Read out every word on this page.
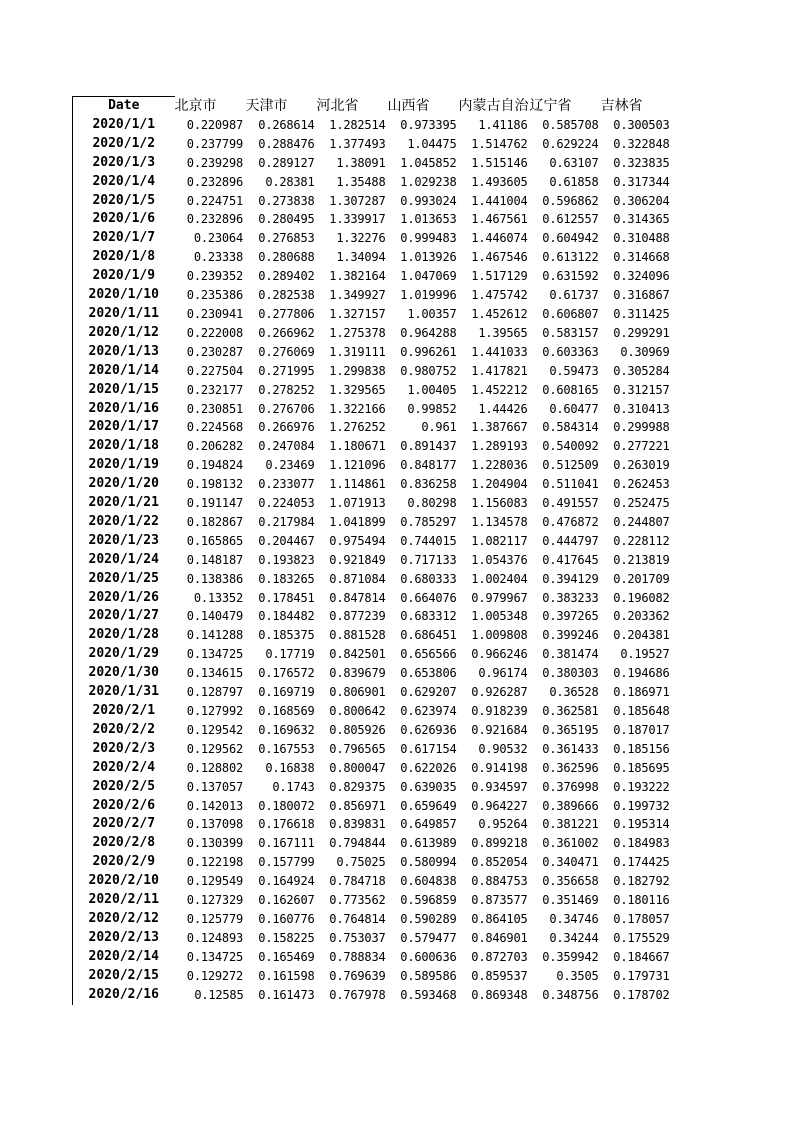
Date	北京市	天津市	河北省	山西省	内蒙古自治	辽宁省	吉林省
2020/1/1	0.220987	0.268614	1.282514	0.973395	1.41186	0.585708	0.300503
2020/1/2	0.237799	0.288476	1.377493	1.04475	1.514762	0.629224	0.322848
2020/1/3	0.239298	0.289127	1.38091	1.045852	1.515146	0.63107	0.323835
2020/1/4	0.232896	0.28381	1.35488	1.029238	1.493605	0.61858	0.317344
2020/1/5	0.224751	0.273838	1.307287	0.993024	1.441004	0.596862	0.306204
2020/1/6	0.232896	0.280495	1.339917	1.013653	1.467561	0.612557	0.314365
2020/1/7	0.23064	0.276853	1.32276	0.999483	1.446074	0.604942	0.310488
2020/1/8	0.23338	0.280688	1.34094	1.013926	1.467546	0.613122	0.314668
2020/1/9	0.239352	0.289402	1.382164	1.047069	1.517129	0.631592	0.324096
2020/1/10	0.235386	0.282538	1.349927	1.019996	1.475742	0.61737	0.316867
2020/1/11	0.230941	0.277806	1.327157	1.00357	1.452612	0.606807	0.311425
2020/1/12	0.222008	0.266962	1.275378	0.964288	1.39565	0.583157	0.299291
2020/1/13	0.230287	0.276069	1.319111	0.996261	1.441033	0.603363	0.30969
2020/1/14	0.227504	0.271995	1.299838	0.980752	1.417821	0.59473	0.305284
2020/1/15	0.232177	0.278252	1.329565	1.00405	1.452212	0.608165	0.312157
2020/1/16	0.230851	0.276706	1.322166	0.99852	1.44426	0.60477	0.310413
2020/1/17	0.224568	0.266976	1.276252	0.961	1.387667	0.584314	0.299988
2020/1/18	0.206282	0.247084	1.180671	0.891437	1.289193	0.540092	0.277221
2020/1/19	0.194824	0.23469	1.121096	0.848177	1.228036	0.512509	0.263019
2020/1/20	0.198132	0.233077	1.114861	0.836258	1.204904	0.511041	0.262453
2020/1/21	0.191147	0.224053	1.071913	0.80298	1.156083	0.491557	0.252475
2020/1/22	0.182867	0.217984	1.041899	0.785297	1.134578	0.476872	0.244807
2020/1/23	0.165865	0.204467	0.975494	0.744015	1.082117	0.444797	0.228112
2020/1/24	0.148187	0.193823	0.921849	0.717133	1.054376	0.417645	0.213819
2020/1/25	0.138386	0.183265	0.871084	0.680333	1.002404	0.394129	0.201709
2020/1/26	0.13352	0.178451	0.847814	0.664076	0.979967	0.383233	0.196082
2020/1/27	0.140479	0.184482	0.877239	0.683312	1.005348	0.397265	0.203362
2020/1/28	0.141288	0.185375	0.881528	0.686451	1.009808	0.399246	0.204381
2020/1/29	0.134725	0.17719	0.842501	0.656566	0.966246	0.381474	0.19527
2020/1/30	0.134615	0.176572	0.839679	0.653806	0.96174	0.380303	0.194686
2020/1/31	0.128797	0.169719	0.806901	0.629207	0.926287	0.36528	0.186971
2020/2/1	0.127992	0.168569	0.800642	0.623974	0.918239	0.362581	0.185648
2020/2/2	0.129542	0.169632	0.805926	0.626936	0.921684	0.365195	0.187017
2020/2/3	0.129562	0.167553	0.796565	0.617154	0.90532	0.361433	0.185156
2020/2/4	0.128802	0.16838	0.800047	0.622026	0.914198	0.362596	0.185695
2020/2/5	0.137057	0.1743	0.829375	0.639035	0.934597	0.376998	0.193222
2020/2/6	0.142013	0.180072	0.856971	0.659649	0.964227	0.389666	0.199732
2020/2/7	0.137098	0.176618	0.839831	0.649857	0.95264	0.381221	0.195314
2020/2/8	0.130399	0.167111	0.794844	0.613989	0.899218	0.361002	0.184983
2020/2/9	0.122198	0.157799	0.75025	0.580994	0.852054	0.340471	0.174425
2020/2/10	0.129549	0.164924	0.784718	0.604838	0.884753	0.356658	0.182792
2020/2/11	0.127329	0.162607	0.773562	0.596859	0.873577	0.351469	0.180116
2020/2/12	0.125779	0.160776	0.764814	0.590289	0.864105	0.34746	0.178057
2020/2/13	0.124893	0.158225	0.753037	0.579477	0.846901	0.34244	0.175529
2020/2/14	0.134725	0.165469	0.788834	0.600636	0.872703	0.359942	0.184667
2020/2/15	0.129272	0.161598	0.769639	0.589586	0.859537	0.3505	0.179731
2020/2/16	0.12585	0.161473	0.767978	0.593468	0.869348	0.348756	0.178702
